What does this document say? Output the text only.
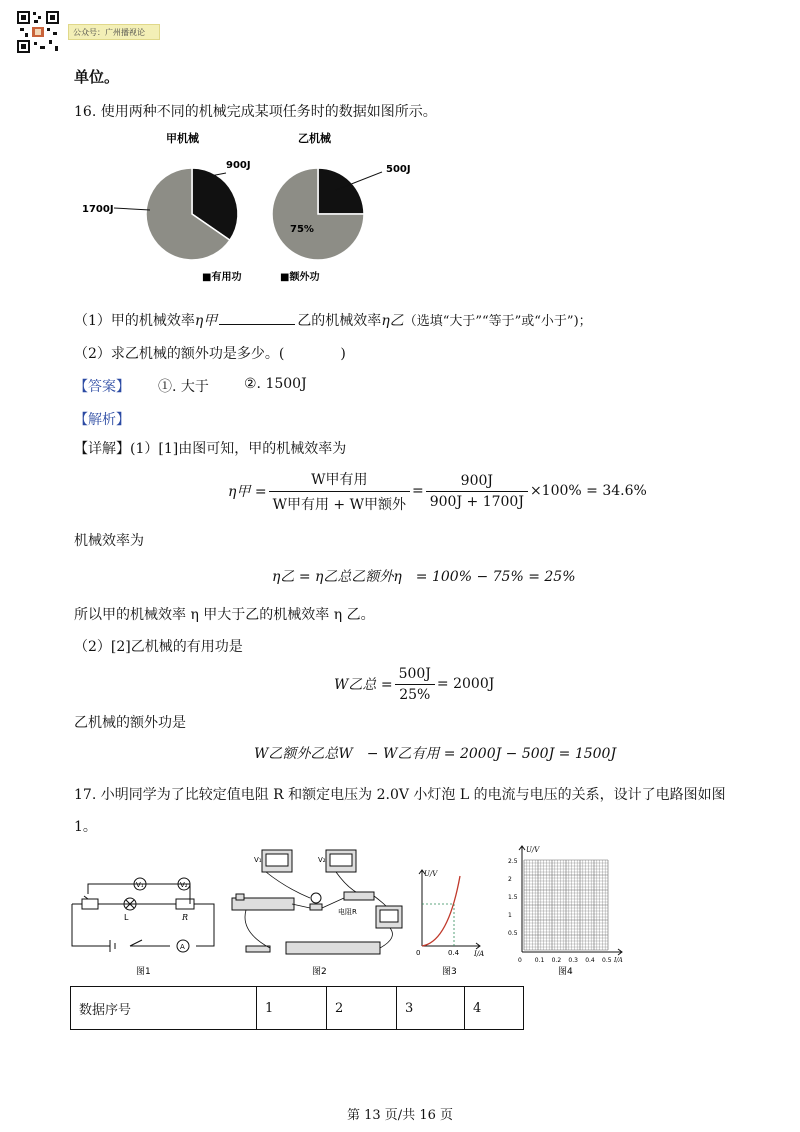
公众号：广州播视论
单位。
16. 使用两种不同的机械完成某项任务时的数据如图所示。
甲机械	乙机械
900J
1700J
500J
75%
■有用功	■额外功
（1）甲的机械效率η甲	乙的机械效率η乙（选填“大于”“等于”或“小于”)；
（2）求乙机械的额外功是多少。(　　　　)
【答案】 ①. 大于	②. 1500J
【解析】
【详解】(1）[1]由图可知，甲的机械效率为
η甲 = $\frac{\text{W甲有用}}{\text{W甲有用 + W甲额外}} = \frac{900J}{900J + 1700J} \times 100\% = 34.6\%$
机械效率为
η乙 = η乙总乙额外η　= 100% − 75% = 25%
所以甲的机械效率 η 甲大于乙的机械效率 η 乙。
（2）[2]乙机械的有用功是
W乙总 = $\frac{500J}{25\%} = 2000J$
乙机械的额外功是
W乙额外乙总W　− W乙有用 = 2000J − 500J = 1500J
17. 小明同学为了比较定值电阻 R 和额定电压为 2.0V 小灯泡 L 的电流与电压的关系，设计了电路图如图
1。
V₁	V₂
L	R
A
图1
V₁	V₂
电阻R
图2
U/V
I/A
0	0.4
图3
U/V
I/A
2.5
2
1.5
1
0.5
0 0.1 0.2 0.3 0.4 0.5
图4
数据序号	1	2	3	4
第 13 页/共 16 页
